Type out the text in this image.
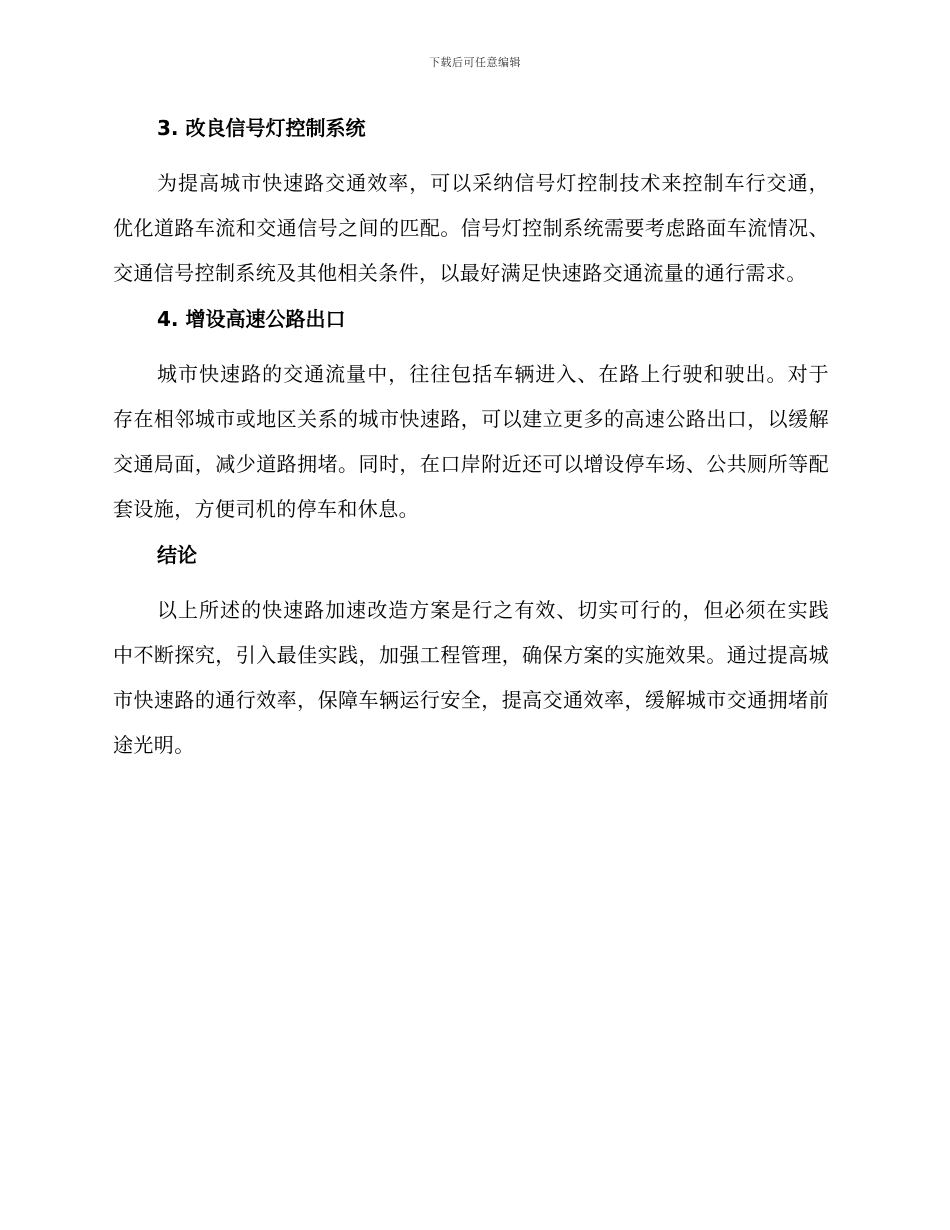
下载后可任意编辑
3. 改良信号灯控制系统

为提高城市快速路交通效率，可以采纳信号灯控制技术来控制车行交通，优化道路车流和交通信号之间的匹配。信号灯控制系统需要考虑路面车流情况、交通信号控制系统及其他相关条件，以最好满足快速路交通流量的通行需求。

4. 增设高速公路出口

城市快速路的交通流量中，往往包括车辆进入、在路上行驶和驶出。对于存在相邻城市或地区关系的城市快速路，可以建立更多的高速公路出口，以缓解交通局面，减少道路拥堵。同时，在口岸附近还可以增设停车场、公共厕所等配套设施，方便司机的停车和休息。

结论

以上所述的快速路加速改造方案是行之有效、切实可行的，但必须在实践中不断探究，引入最佳实践，加强工程管理，确保方案的实施效果。通过提高城市快速路的通行效率，保障车辆运行安全，提高交通效率，缓解城市交通拥堵前途光明。
